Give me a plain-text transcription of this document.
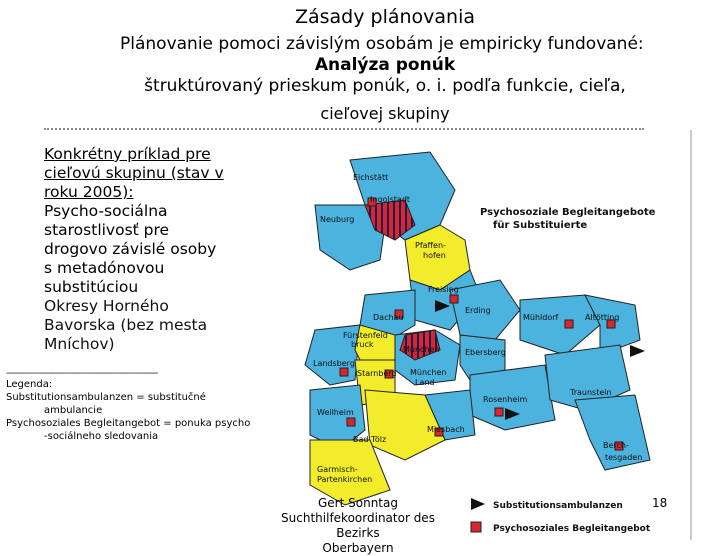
Zásady plánovania
Plánovanie pomoci závislým osobám je empiricky fundované:
Analýza ponúk
štruktúrovaný prieskum ponúk, o. i. podľa funkcie, cieľa,
cieľovej skupiny
Konkrétny príklad pre
cieľovú skupinu (stav v
roku 2005):
Psycho-sociálna
starostlivosť pre
drogovo závislé osoby
s metadónovou
substitúciou
Okresy Horného
Bavorska (bez mesta
Mníchov)
---------------------------------------------------
Legenda:
Substitutionsambulanzen = substitučné
ambulancie
Psychosoziales Begleitangebot = ponuka psycho
-sociálneho sledovania
Eichstätt
Ingolstadt
Neuburg
Pfaffen-
hofen
Freising
Erding
Dachau
Landsberg
Fürstenfeld
bruck
München
München
Land
Ebersberg
Mühldorf	Altötting
Starnberg
Weilheim
Rosenheim
Traunstein
Miesbach
Bad Tölz
Berch-
tesgaden
Garmisch-
Partenkirchen
Psychosoziale Begleitangebote
für Substituierte
Substitutionsambulanzen
Psychosoziales Begleitangebot
Gert Sonntag
Suchthilfekoordinator des Bezirks
Oberbayern
18
